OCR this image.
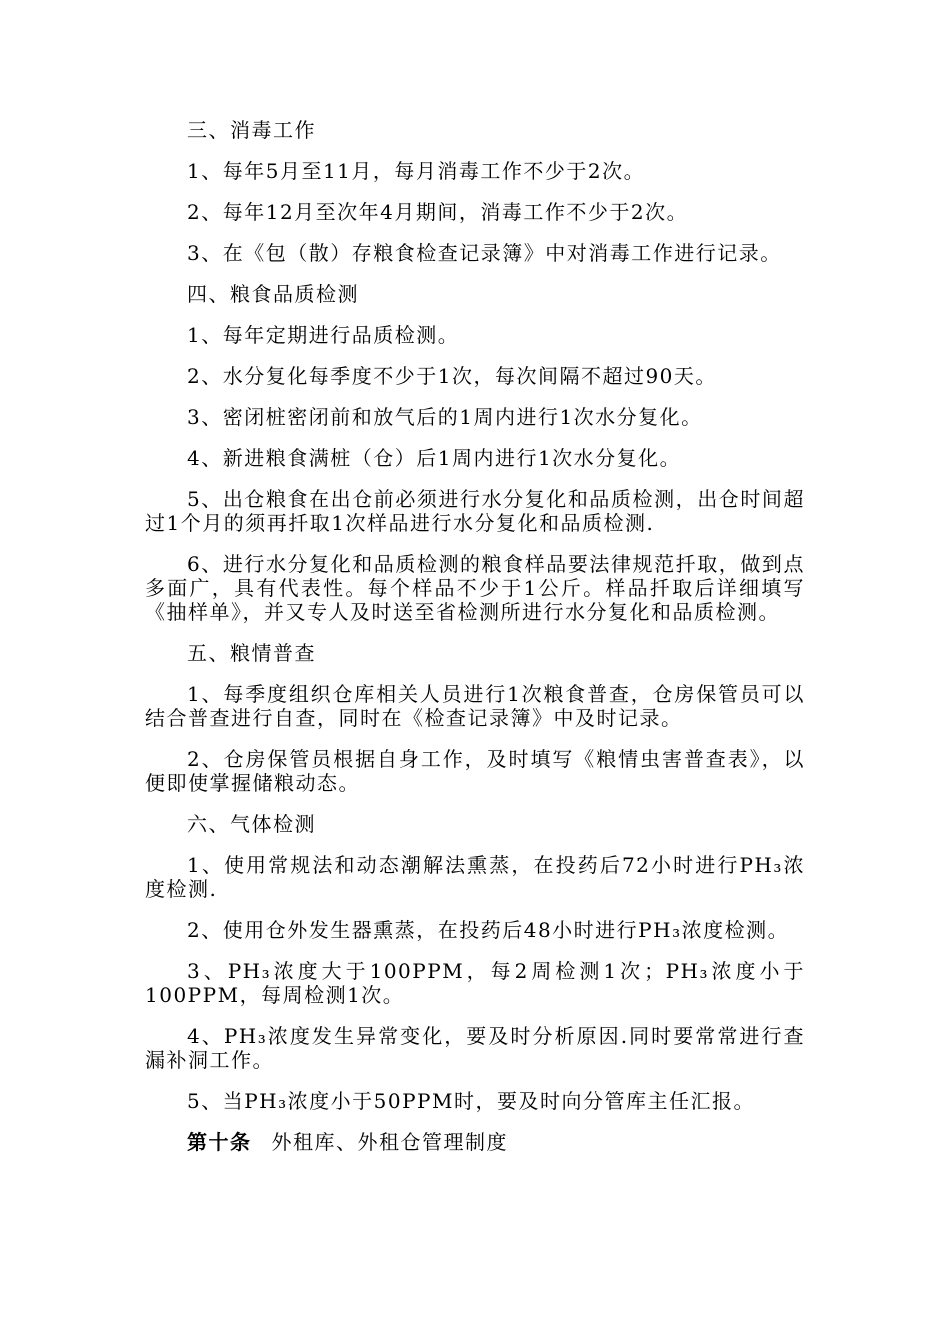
三、消毒工作

1、每年5月至11月，每月消毒工作不少于2次。

2、每年12月至次年4月期间，消毒工作不少于2次。

3、在《包（散）存粮食检查记录簿》中对消毒工作进行记录。

四、粮食品质检测

1、每年定期进行品质检测。

2、水分复化每季度不少于1次，每次间隔不超过90天。

3、密闭桩密闭前和放气后的1周内进行1次水分复化。

4、新进粮食满桩（仓）后1周内进行1次水分复化。

5、出仓粮食在出仓前必须进行水分复化和品质检测，出仓时间超过1个月的须再扦取1次样品进行水分复化和品质检测.

6、进行水分复化和品质检测的粮食样品要法律规范扦取，做到点多面广，具有代表性。每个样品不少于1公斤。样品扦取后详细填写《抽样单》，并又专人及时送至省检测所进行水分复化和品质检测。

五、粮情普查

1、每季度组织仓库相关人员进行1次粮食普查，仓房保管员可以结合普查进行自查，同时在《检查记录簿》中及时记录。

2、仓房保管员根据自身工作，及时填写《粮情虫害普查表》，以便即使掌握储粮动态。

六、气体检测

1、使用常规法和动态潮解法熏蒸，在投药后72小时进行PH₃浓度检测.

2、使用仓外发生器熏蒸，在投药后48小时进行PH₃浓度检测。

3、PH₃浓度大于100PPM，每2周检测1次；PH₃浓度小于100PPM，每周检测1次。

4、PH₃浓度发生异常变化，要及时分析原因.同时要常常进行查漏补洞工作。

5、当PH₃浓度小于50PPM时，要及时向分管库主任汇报。

第十条 外租库、外租仓管理制度
